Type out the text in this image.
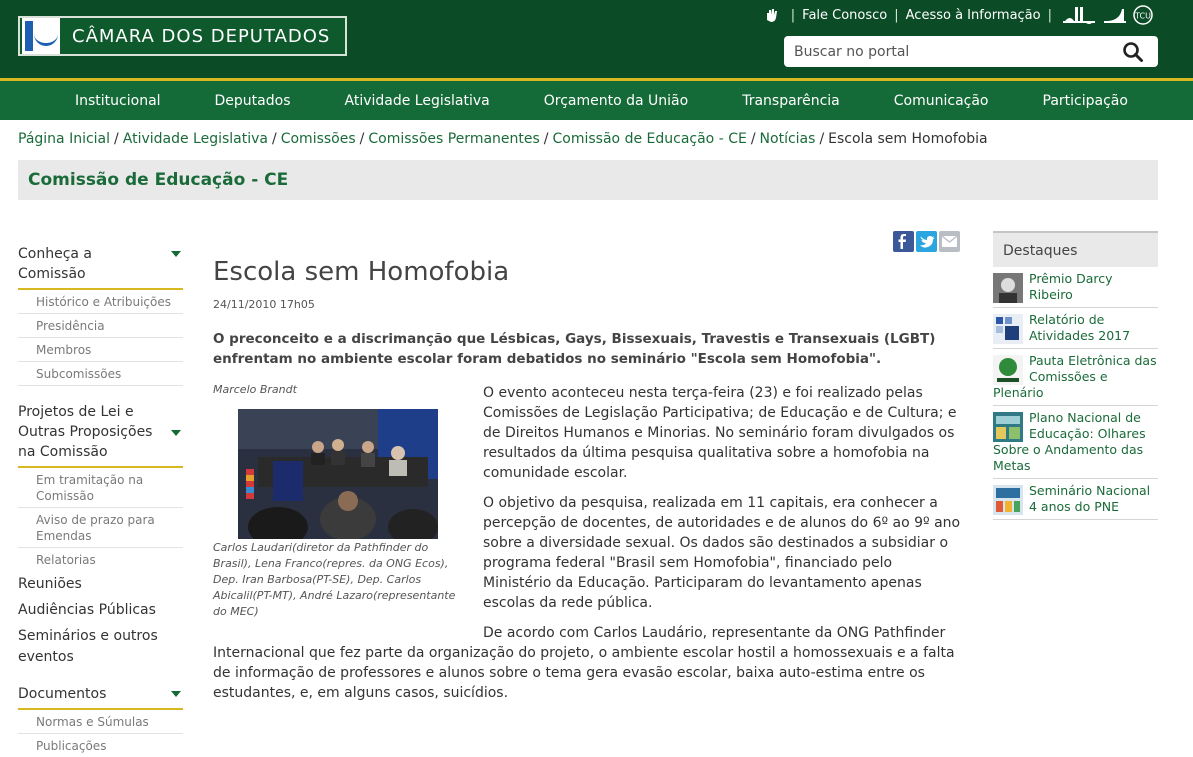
CÂMARA DOS DEPUTADOS
| Fale Conosco | Acesso à Informação |	TCU
Buscar no portal
Institucional	Deputados	Atividade Legislativa	Orçamento da União	Transparência	Comunicação	Participação
Página Inicial / Atividade Legislativa / Comissões / Comissões Permanentes / Comissão de Educação - CE / Notícias / Escola sem Homofobia
Comissão de Educação - CE
Conheça a Comissão
Histórico e Atribuições
Presidência
Membros
Subcomissões
Projetos de Lei e Outras Proposições na Comissão
Em tramitação na Comissão
Aviso de prazo para Emendas
Relatorias
Reuniões
Audiências Públicas
Seminários e outros eventos
Documentos
Normas e Súmulas
Publicações
Escola sem Homofobia
24/11/2010 17h05

O preconceito e a discrimanção que Lésbicas, Gays, Bissexuais, Travestis e Transexuais (LGBT) enfrentam no ambiente escolar foram debatidos no seminário "Escola sem Homofobia".

Marcelo Brandt
Carlos Laudari(diretor da Pathfinder do Brasil), Lena Franco(repres. da ONG Ecos), Dep. Iran Barbosa(PT-SE), Dep. Carlos Abicalil(PT-MT), André Lazaro(representante do MEC)

O evento aconteceu nesta terça-feira (23) e foi realizado pelas Comissões de Legislação Participativa; de Educação e de Cultura; e de Direitos Humanos e Minorias. No seminário foram divulgados os resultados da última pesquisa qualitativa sobre a homofobia na comunidade escolar.

O objetivo da pesquisa, realizada em 11 capitais, era conhecer a percepção de docentes, de autoridades e de alunos do 6º ao 9º ano sobre a diversidade sexual. Os dados são destinados a subsidiar o programa federal "Brasil sem Homofobia", financiado pelo Ministério da Educação. Participaram do levantamento apenas escolas da rede pública.

De acordo com Carlos Laudário, representante da ONG Pathfinder

Internacional que fez parte da organização do projeto, o ambiente escolar hostil a homossexuais e a falta de informação de professores e alunos sobre o tema gera evasão escolar, baixa auto-estima entre os estudantes, e, em alguns casos, suicídios.

Destaques
Prêmio Darcy Ribeiro
Relatório de Atividades 2017
Pauta Eletrônica das Comissões e Plenário
Plano Nacional de Educação: Olhares Sobre o Andamento das Metas
Seminário Nacional 4 anos do PNE
